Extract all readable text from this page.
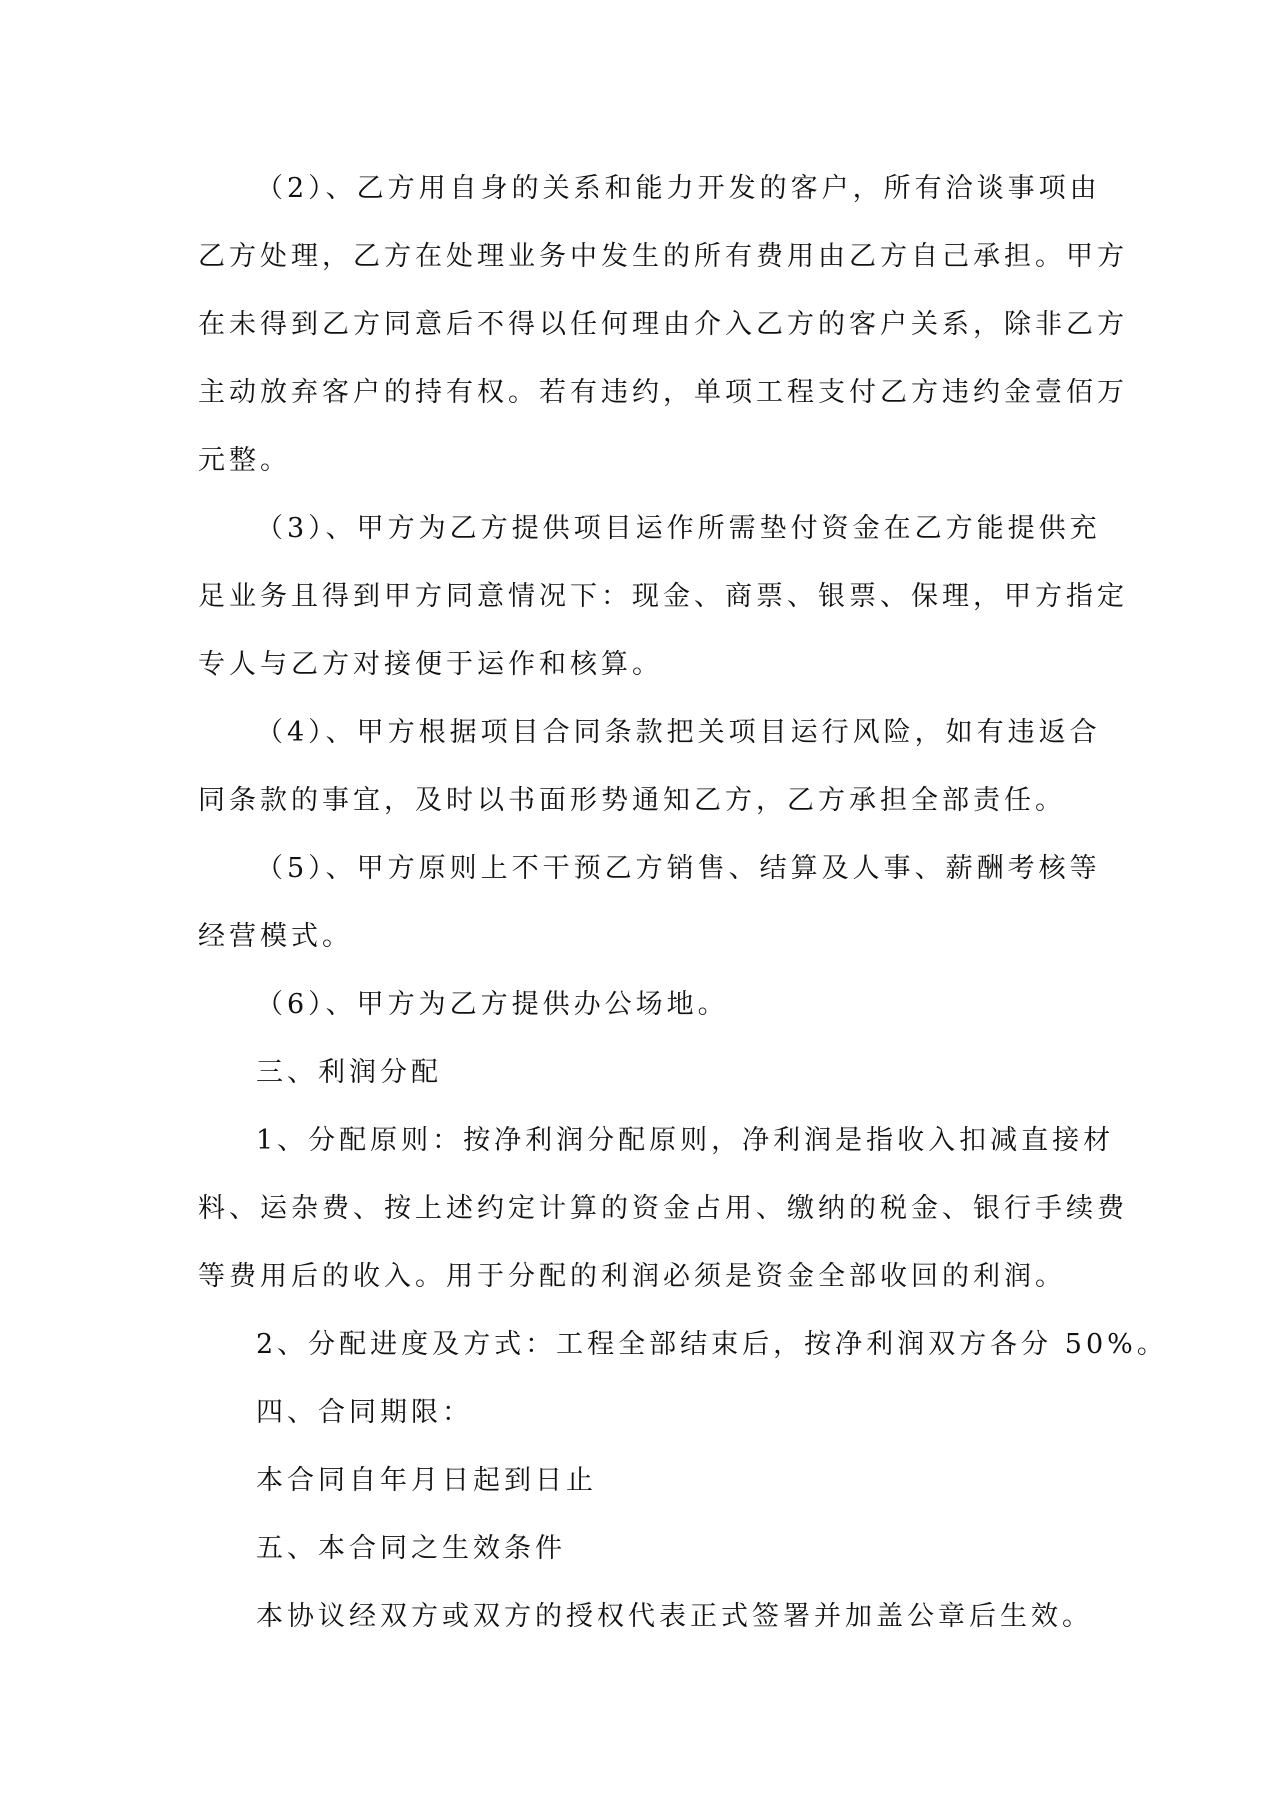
（2）、乙方用自身的关系和能力开发的客户，所有洽谈事项由
乙方处理，乙方在处理业务中发生的所有费用由乙方自己承担。甲方
在未得到乙方同意后不得以任何理由介入乙方的客户关系，除非乙方
主动放弃客户的持有权。若有违约，单项工程支付乙方违约金壹佰万
元整。
（3）、甲方为乙方提供项目运作所需垫付资金在乙方能提供充
足业务且得到甲方同意情况下：现金、商票、银票、保理，甲方指定
专人与乙方对接便于运作和核算。
（4）、甲方根据项目合同条款把关项目运行风险，如有违返合
同条款的事宜，及时以书面形势通知乙方，乙方承担全部责任。
（5）、甲方原则上不干预乙方销售、结算及人事、薪酬考核等
经营模式。
（6）、甲方为乙方提供办公场地。
三、利润分配
1、分配原则：按净利润分配原则，净利润是指收入扣减直接材
料、运杂费、按上述约定计算的资金占用、缴纳的税金、银行手续费
等费用后的收入。用于分配的利润必须是资金全部收回的利润。
2、分配进度及方式：工程全部结束后，按净利润双方各分 50%。
四、合同期限：
本合同自年月日起到日止
五、本合同之生效条件
本协议经双方或双方的授权代表正式签署并加盖公章后生效。
